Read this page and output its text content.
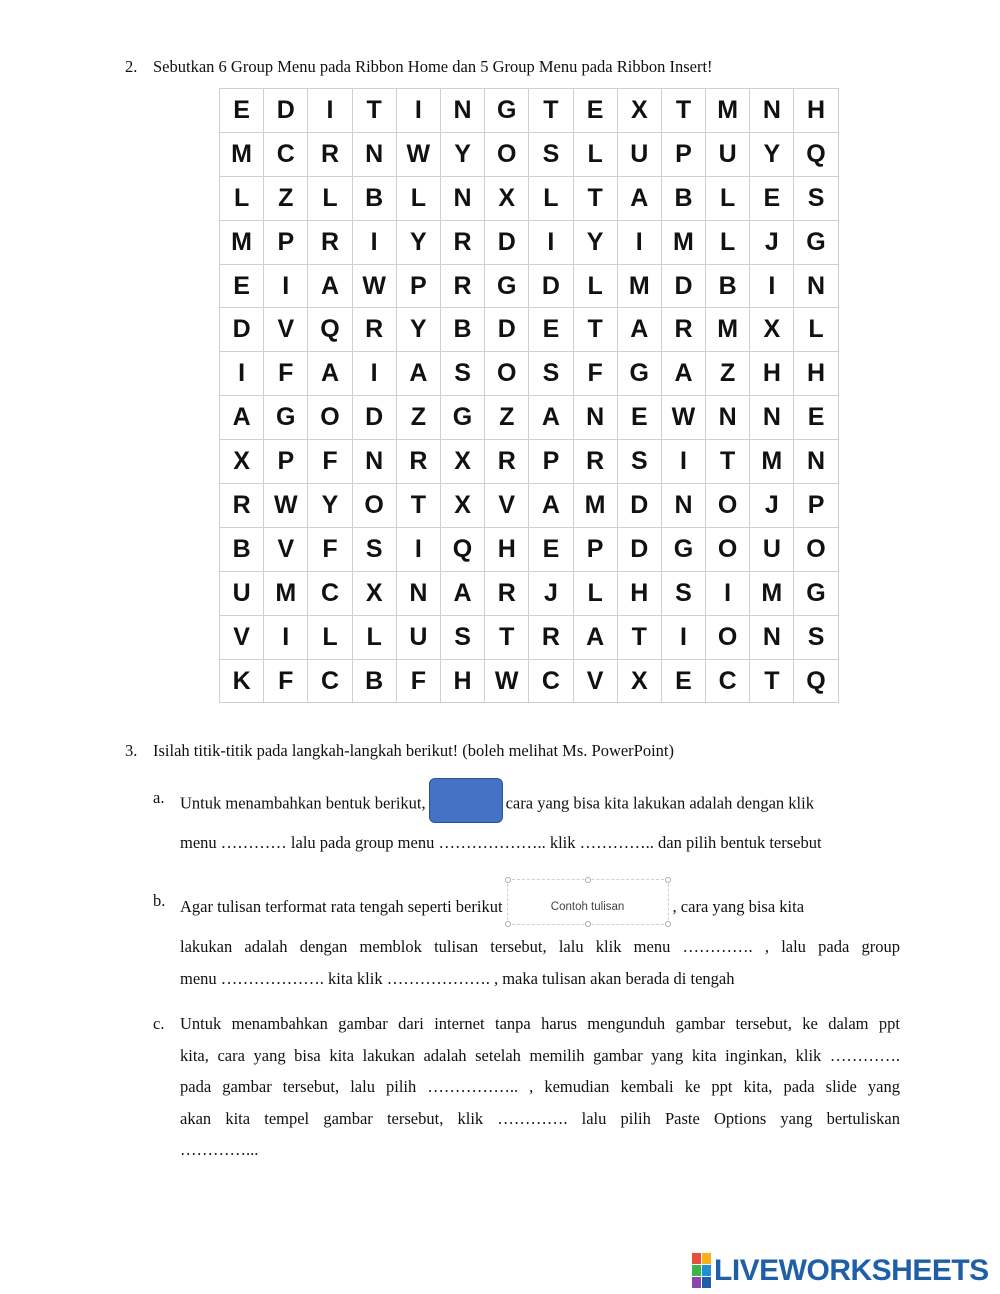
2. Sebutkan 6 Group Menu pada Ribbon Home dan 5 Group Menu pada Ribbon Insert!
E	D	I	T	I	N	G	T	E	X	T	M	N	H
M	C	R	N	W	Y	O	S	L	U	P	U	Y	Q
L	Z	L	B	L	N	X	L	T	A	B	L	E	S
M	P	R	I	Y	R	D	I	Y	I	M	L	J	G
E	I	A	W	P	R	G	D	L	M	D	B	I	N
D	V	Q	R	Y	B	D	E	T	A	R	M	X	L
I	F	A	I	A	S	O	S	F	G	A	Z	H	H
A	G	O	D	Z	G	Z	A	N	E	W	N	N	E
X	P	F	N	R	X	R	P	R	S	I	T	M	N
R	W	Y	O	T	X	V	A	M	D	N	O	J	P
B	V	F	S	I	Q	H	E	P	D	G	O	U	O
U	M	C	X	N	A	R	J	L	H	S	I	M	G
V	I	L	L	U	S	T	R	A	T	I	O	N	S
K	F	C	B	F	H	W	C	V	X	E	C	T	Q
3. Isilah titik-titik pada langkah-langkah berikut! (boleh melihat Ms. PowerPoint)
a. Untuk menambahkan bentuk berikut,	cara yang bisa kita lakukan adalah dengan klik

menu ………… lalu pada group menu ……………….. klik ………….. dan pilih bentuk tersebut

b. Agar tulisan terformat rata tengah seperti berikut	Contoh tulisan	, cara yang bisa kita

lakukan adalah dengan memblok tulisan tersebut, lalu klik menu …………. , lalu pada group

menu ………………. kita klik ………………. , maka tulisan akan berada di tengah

c. Untuk menambahkan gambar dari internet tanpa harus mengunduh gambar tersebut, ke dalam ppt

kita, cara yang bisa kita lakukan adalah setelah memilih gambar yang kita inginkan, klik ………….

pada gambar tersebut, lalu pilih …………….. , kemudian kembali ke ppt kita, pada slide yang

akan kita tempel gambar tersebut, klik …………. lalu pilih Paste Options yang bertuliskan

…………...

LIVEWORKSHEETS
